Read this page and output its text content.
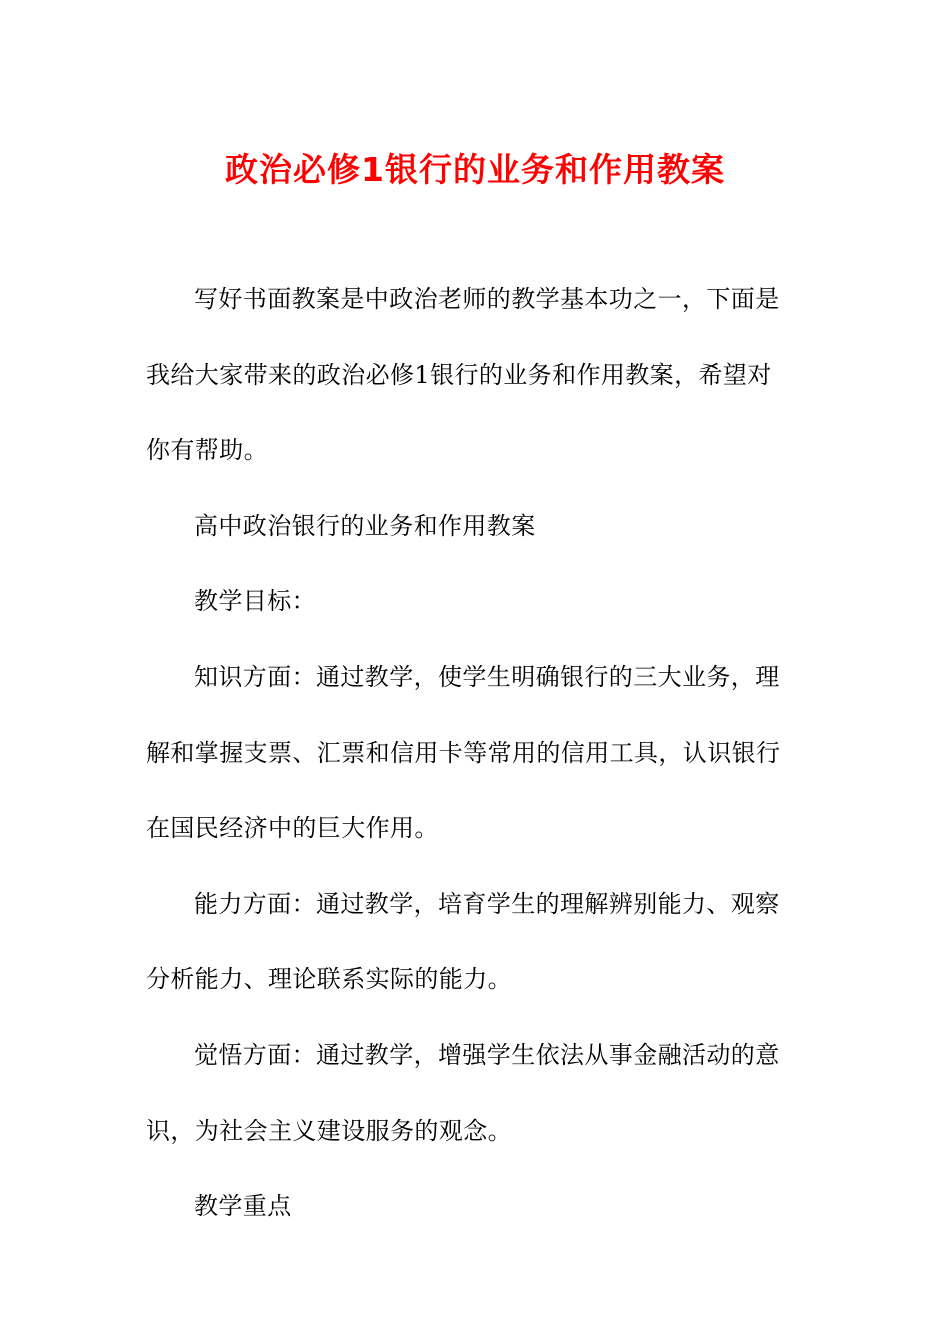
政治必修1银行的业务和作用教案

写好书面教案是中政治老师的教学基本功之一，下面是我给大家带来的政治必修1银行的业务和作用教案，希望对你有帮助。

高中政治银行的业务和作用教案

教学目标：

知识方面：通过教学，使学生明确银行的三大业务，理解和掌握支票、汇票和信用卡等常用的信用工具，认识银行在国民经济中的巨大作用。

能力方面：通过教学，培育学生的理解辨别能力、观察分析能力、理论联系实际的能力。

觉悟方面：通过教学，增强学生依法从事金融活动的意识，为社会主义建设服务的观念。

教学重点
